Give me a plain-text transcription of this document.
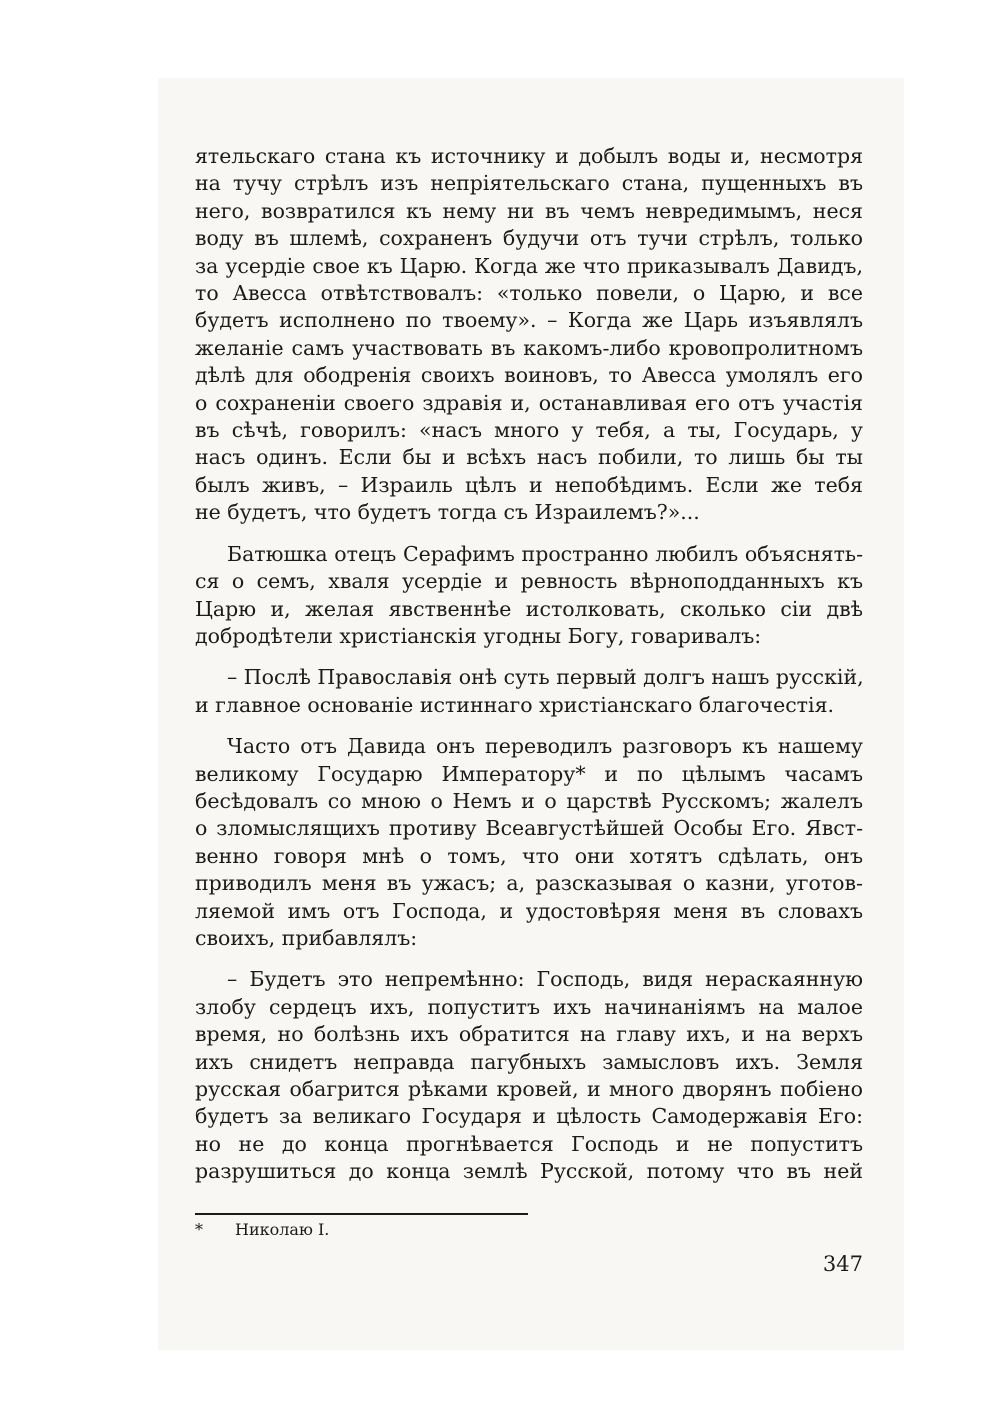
ятельскаго стана къ источнику и добылъ воды и, несмотря
на тучу стрѣлъ изъ непріятельскаго стана, пущенныхъ въ
него, возвратился къ нему ни въ чемъ невредимымъ, неся
воду въ шлемѣ, сохраненъ будучи отъ тучи стрѣлъ, только
за усердіе свое къ Царю. Когда же что приказывалъ Давидъ,
то Авесса отвѣтствовалъ: «только повели, о Царю, и все
будетъ исполнено по твоему». – Когда же Царь изъявлялъ
желаніе самъ участвовать въ какомъ-либо кровопролитномъ
дѣлѣ для ободренія своихъ воиновъ, то Авесса умолялъ его
о сохраненіи своего здравія и, останавливая его отъ участія
въ сѣчѣ, говорилъ: «насъ много у тебя, а ты, Государь, у
насъ одинъ. Если бы и всѣхъ насъ побили, то лишь бы ты
былъ живъ, – Израиль цѣлъ и непобѣдимъ. Если же тебя
не будетъ, что будетъ тогда съ Израилемъ?»...
Батюшка отецъ Серафимъ пространно любилъ объяснять-
ся о семъ, хваля усердіе и ревность вѣрноподданныхъ къ
Царю и, желая явственнѣе истолковать, сколько сіи двѣ
добродѣтели христіанскія угодны Богу, говаривалъ:
– Послѣ Православія онѣ суть первый долгъ нашъ русскій,
и главное основаніе истиннаго христіанскаго благочестія.
Часто отъ Давида онъ переводилъ разговоръ къ нашему
великому Государю Императору* и по цѣлымъ часамъ
бесѣдовалъ со мною о Немъ и о царствѣ Русскомъ; жалелъ
о зломыслящихъ противу Всеавгустѣйшей Особы Его. Явст-
венно говоря мнѣ о томъ, что они хотятъ сдѣлать, онъ
приводилъ меня въ ужасъ; а, разсказывая о казни, уготов-
ляемой имъ отъ Господа, и удостовѣряя меня въ словахъ
своихъ, прибавлялъ:
– Будетъ это непремѣнно: Господь, видя нераскаянную
злобу сердецъ ихъ, попуститъ ихъ начинаніямъ на малое
время, но болѣзнь ихъ обратится на главу ихъ, и на верхъ
ихъ снидетъ неправда пагубныхъ замысловъ ихъ. Земля
русская обагрится рѣками кровей, и много дворянъ побіено
будетъ за великаго Государя и цѣлость Самодержавія Его:
но не до конца прогнѣвается Господь и не попуститъ
разрушиться до конца землѣ Русской, потому что въ ней
* Николаю I.
347
